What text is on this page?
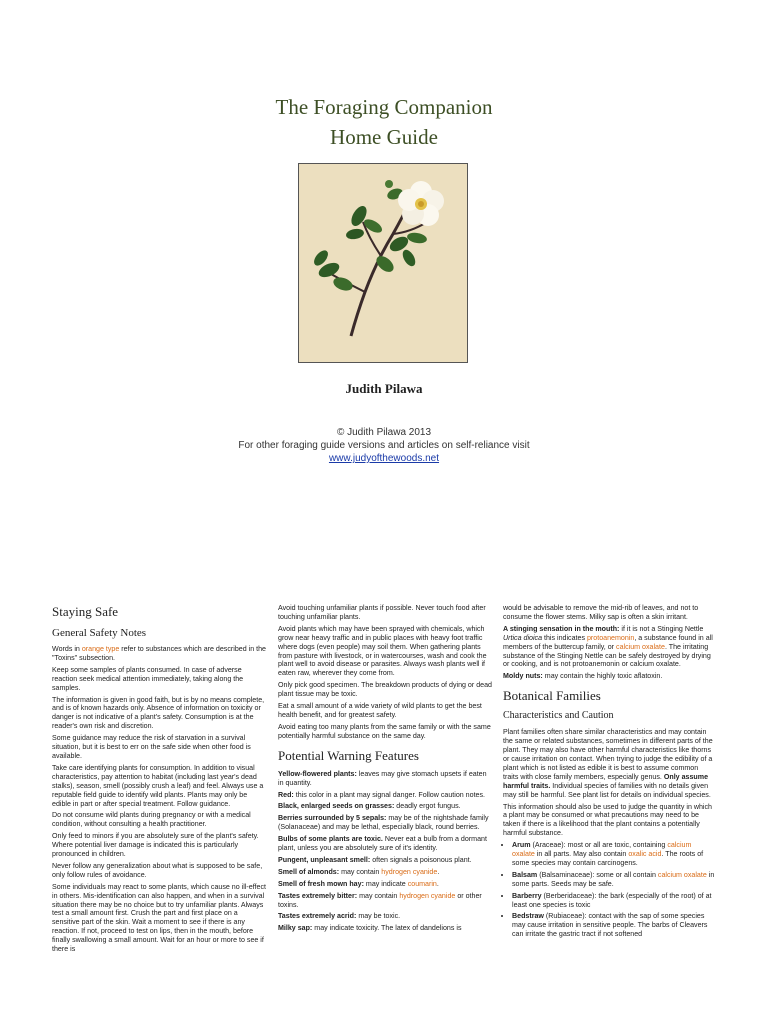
The Foraging Companion
Home Guide
Judith Pilawa
© Judith Pilawa 2013
For other foraging guide versions and articles on self-reliance visit
www.judyofthewoods.net
Staying Safe
General Safety Notes

Words in orange type refer to substances which are described in the "Toxins" subsection.

Keep some samples of plants consumed. In case of adverse reaction seek medical attention immediately, taking along the samples.

The information is given in good faith, but is by no means complete, and is of known hazards only. Absence of information on toxicity or danger is not indicative of a plant's safety. Consumption is at the reader's own risk and discretion.

Some guidance may reduce the risk of starvation in a survival situation, but it is best to err on the safe side when other food is available.

Take care identifying plants for consumption. In addition to visual characteristics, pay attention to habitat (including last year's dead stalks), season, smell (possibly crush a leaf) and feel. Always use a reputable field guide to identify wild plants. Plants may only be edible in part or after special treatment. Follow guidance.

Do not consume wild plants during pregnancy or with a medical condition, without consulting a health practitioner.

Only feed to minors if you are absolutely sure of the plant's safety. Where potential liver damage is indicated this is particularly pronounced in children.

Never follow any generalization about what is supposed to be safe, only follow rules of avoidance.

Some individuals may react to some plants, which cause no ill-effect in others. Mis-identification can also happen, and when in a survival situation there may be no choice but to try unfamiliar plants. Always test a small amount first. Crush the part and first place on a sensitive part of the skin. Wait a moment to see if there is any reaction. If not, proceed to test on lips, then in the mouth, before finally swallowing a small amount. Wait for an hour or more to see if there is

Avoid touching unfamiliar plants if possible. Never touch food after touching unfamiliar plants.

Avoid plants which may have been sprayed with chemicals, which grow near heavy traffic and in public places with heavy foot traffic where dogs (even people) may soil them. When gathering plants from pasture with livestock, or in watercourses, wash and cook the plant well to avoid disease or parasites. Always wash plants well if eaten raw, wherever they come from.

Only pick good specimen. The breakdown products of dying or dead plant tissue may be toxic.

Eat a small amount of a wide variety of wild plants to get the best health benefit, and for greatest safety.

Avoid eating too many plants from the same family or with the same potentially harmful substance on the same day.

Potential Warning Features

Yellow-flowered plants: leaves may give stomach upsets if eaten in quantity.

Red: this color in a plant may signal danger. Follow caution notes.

Black, enlarged seeds on grasses: deadly ergot fungus.

Berries surrounded by 5 sepals: may be of the nightshade family (Solanaceae) and may be lethal, especially black, round berries.

Bulbs of some plants are toxic. Never eat a bulb from a dormant plant, unless you are absolutely sure of it's identity.

Pungent, unpleasant smell: often signals a poisonous plant.

Smell of almonds: may contain hydrogen cyanide.

Smell of fresh mown hay: may indicate coumarin.

Tastes extremely bitter: may contain hydrogen cyanide or other toxins.

Tastes extremely acrid: may be toxic.

Milky sap: may indicate toxicity. The latex of dandelions is

would be advisable to remove the mid-rib of leaves, and not to consume the flower stems. Milky sap is often a skin irritant.

A stinging sensation in the mouth: if it is not a Stinging Nettle Urtica dioica this indicates protoanemonin, a substance found in all members of the buttercup family, or calcium oxalate. The irritating substance of the Stinging Nettle can be safely destroyed by drying or cooking, and is not protoanemonin or calcium oxalate.

Moldy nuts: may contain the highly toxic aflatoxin.

Botanical Families
Characteristics and Caution

Plant families often share similar characteristics and may contain the same or related substances, sometimes in different parts of the plant. They may also have other harmful characteristics like thorns or cause irritation on contact. When trying to judge the edibility of a plant which is not listed as edible it is best to assume common traits with close family members, especially genus. Only assume harmful traits. Individual species of families with no details given may still be harmful. See plant list for details on individual species.

This information should also be used to judge the quantity in which a plant may be consumed or what precautions may need to be taken if there is a likelihood that the plant contains a potentially harmful substance.

• Arum (Araceae): most or all are toxic, containing calcium oxalate in all parts. May also contain oxalic acid. The roots of some species may contain carcinogens.
• Balsam (Balsaminaceae): some or all contain calcium oxalate in some parts. Seeds may be safe.
• Barberry (Berberidaceae): the bark (especially of the root) of at least one species is toxic
• Bedstraw (Rubiaceae): contact with the sap of some species may cause irritation in sensitive people. The barbs of Cleavers can irritate the gastric tract if not softened
